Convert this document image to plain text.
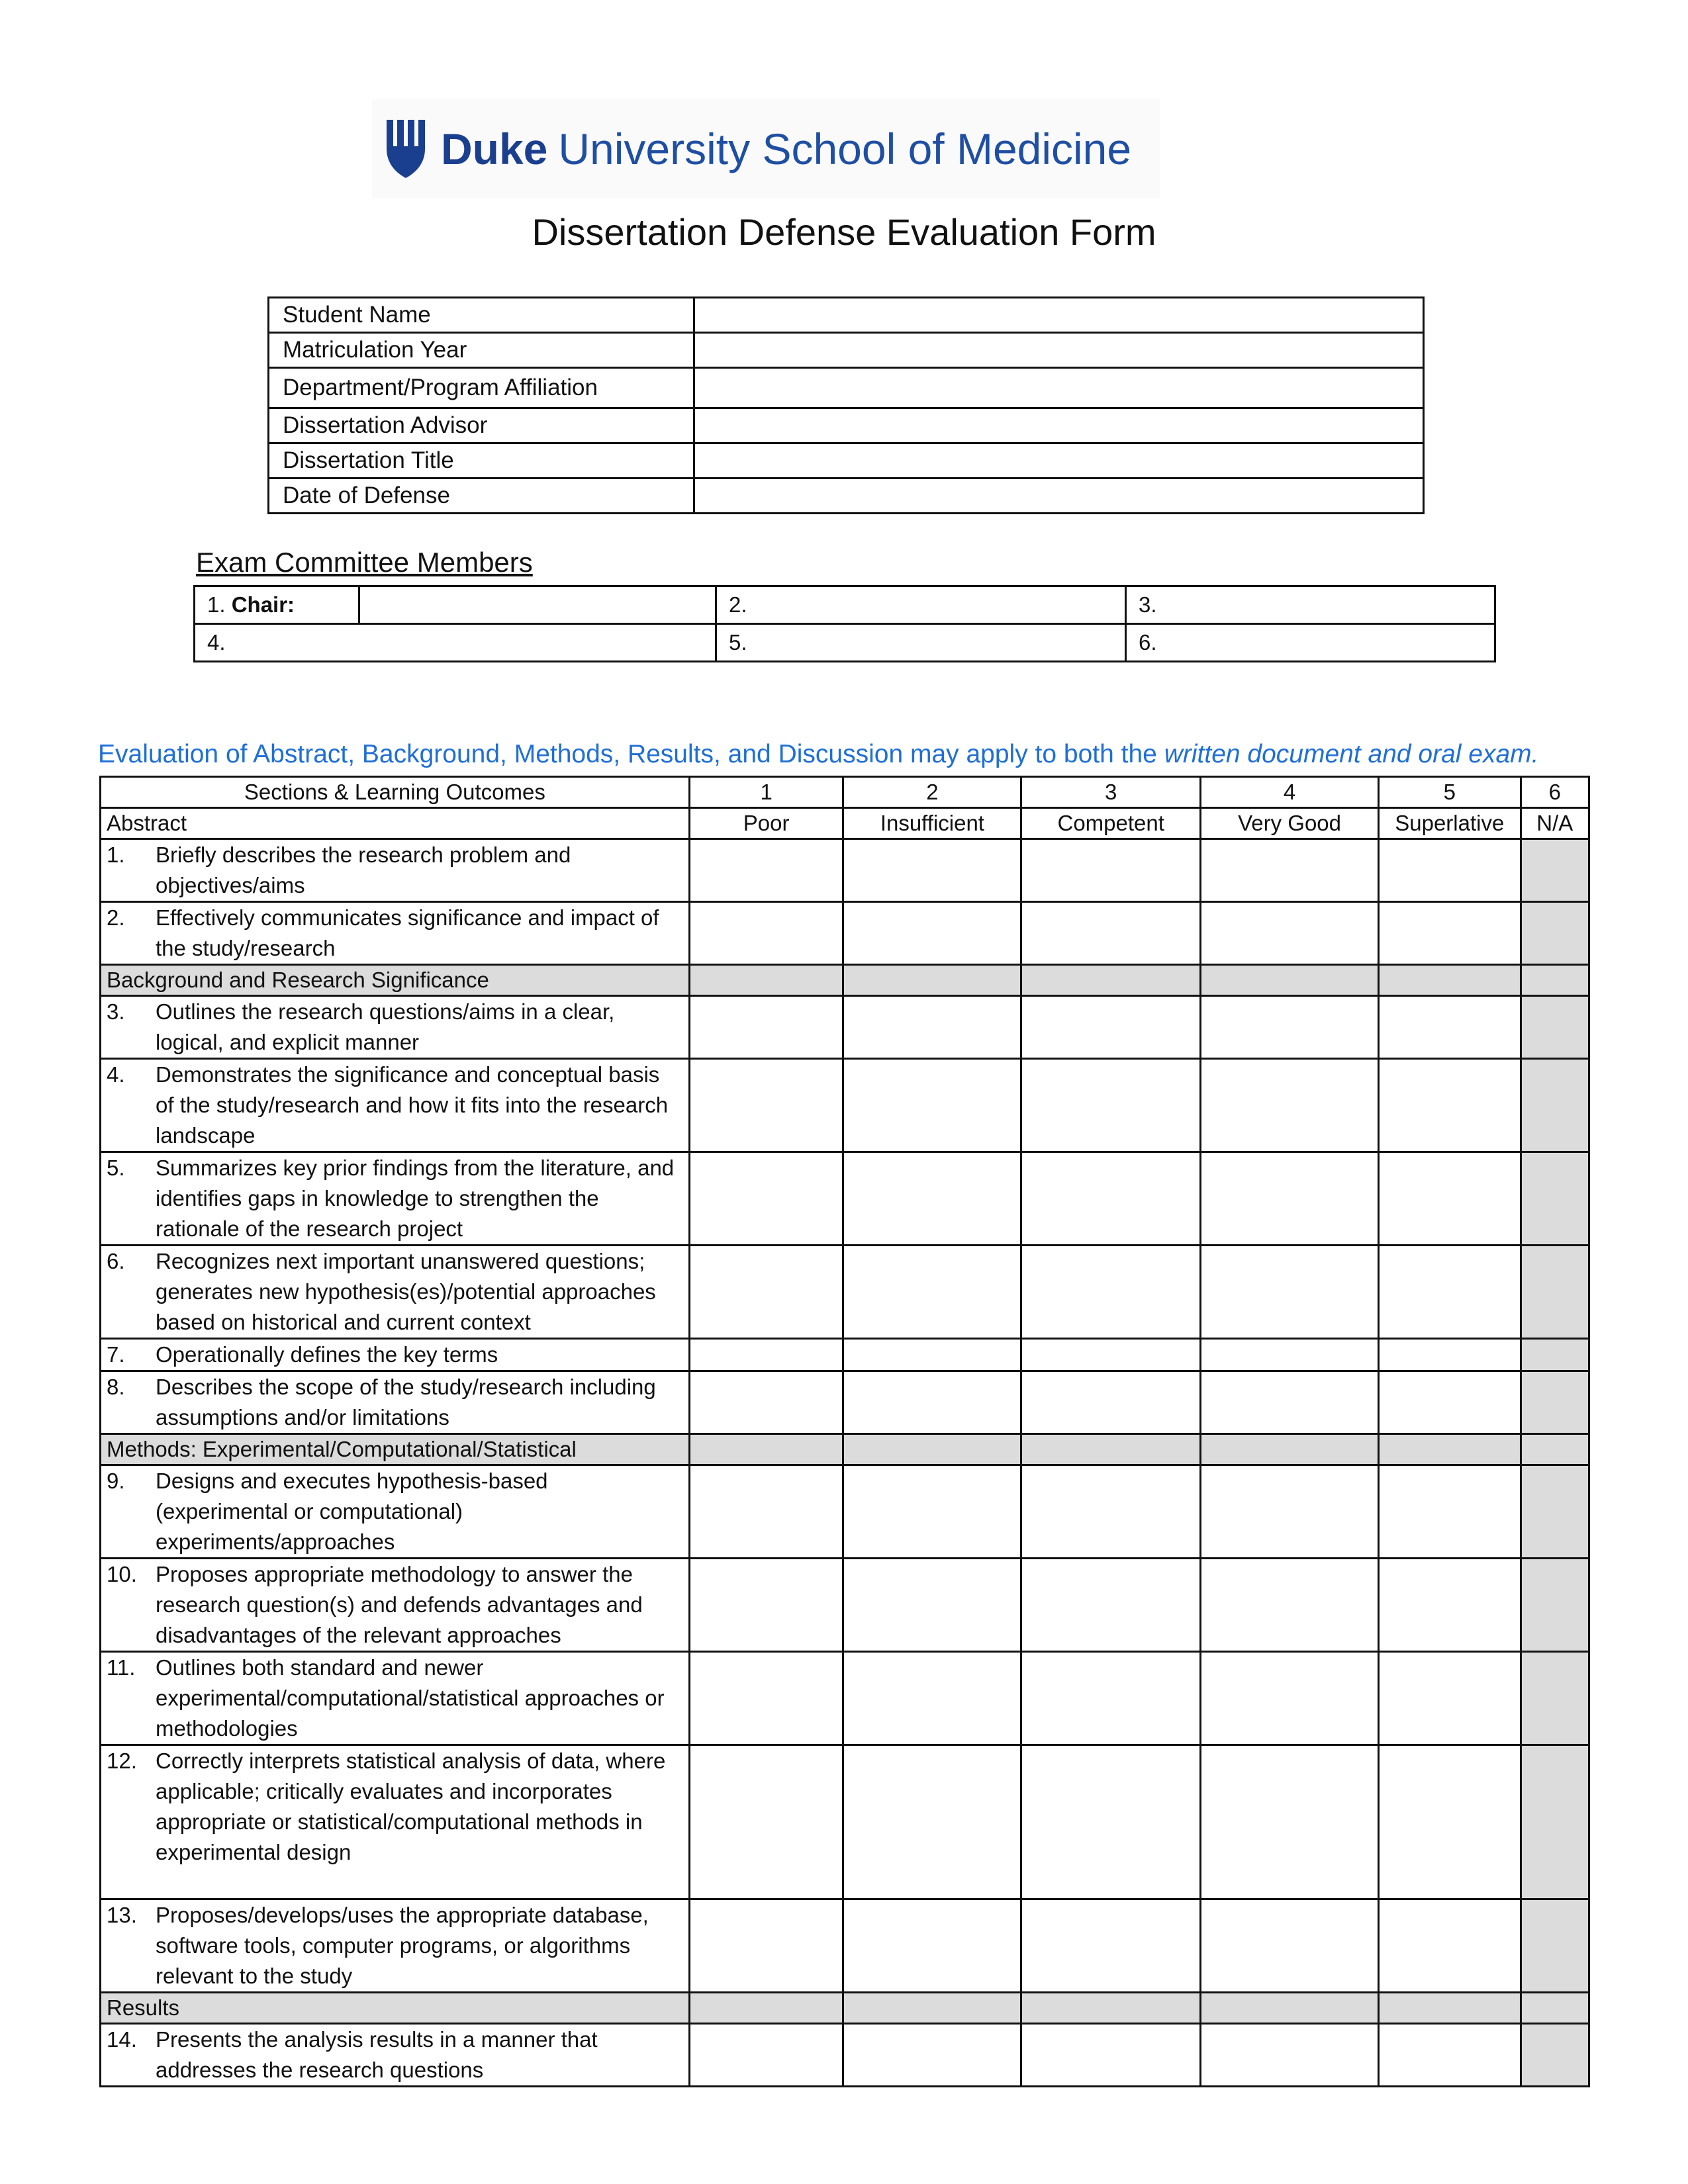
Duke University School of Medicine
Dissertation Defense Evaluation Form
Student Name	
Matriculation Year	
Department/Program Affiliation	
Dissertation Advisor	
Dissertation Title	
Date of Defense	
Exam Committee Members
1. Chair:		2.	3.
4.		5.	6.
Evaluation of Abstract, Background, Methods, Results, and Discussion may apply to both the written document and oral exam.
Sections & Learning Outcomes	1	2	3	4	5	6
Abstract	Poor	Insufficient	Competent	Very Good	Superlative	N/A

1. Briefly describes the research problem and objectives/aims						

2. Effectively communicates significance and impact of the study/research						

Background and Research Significance						

3. Outlines the research questions/aims in a clear, logical, and explicit manner						

4. Demonstrates the significance and conceptual basis of the study/research and how it fits into the research landscape						

5. Summarizes key prior findings from the literature, and identifies gaps in knowledge to strengthen the rationale of the research project						

6. Recognizes next important unanswered questions; generates new hypothesis(es)/potential approaches based on historical and current context						

7. Operationally defines the key terms						

8. Describes the scope of the study/research including assumptions and/or limitations						

Methods: Experimental/Computational/Statistical						

9. Designs and executes hypothesis-based (experimental or computational) experiments/approaches						

10. Proposes appropriate methodology to answer the research question(s) and defends advantages and disadvantages of the relevant approaches						

11. Outlines both standard and newer experimental/computational/statistical approaches or methodologies						

12. Correctly interprets statistical analysis of data, where applicable; critically evaluates and incorporates appropriate or statistical/computational methods in experimental design						

13. Proposes/develops/uses the appropriate database, software tools, computer programs, or algorithms relevant to the study						

Results						

14. Presents the analysis results in a manner that addresses the research questions						
